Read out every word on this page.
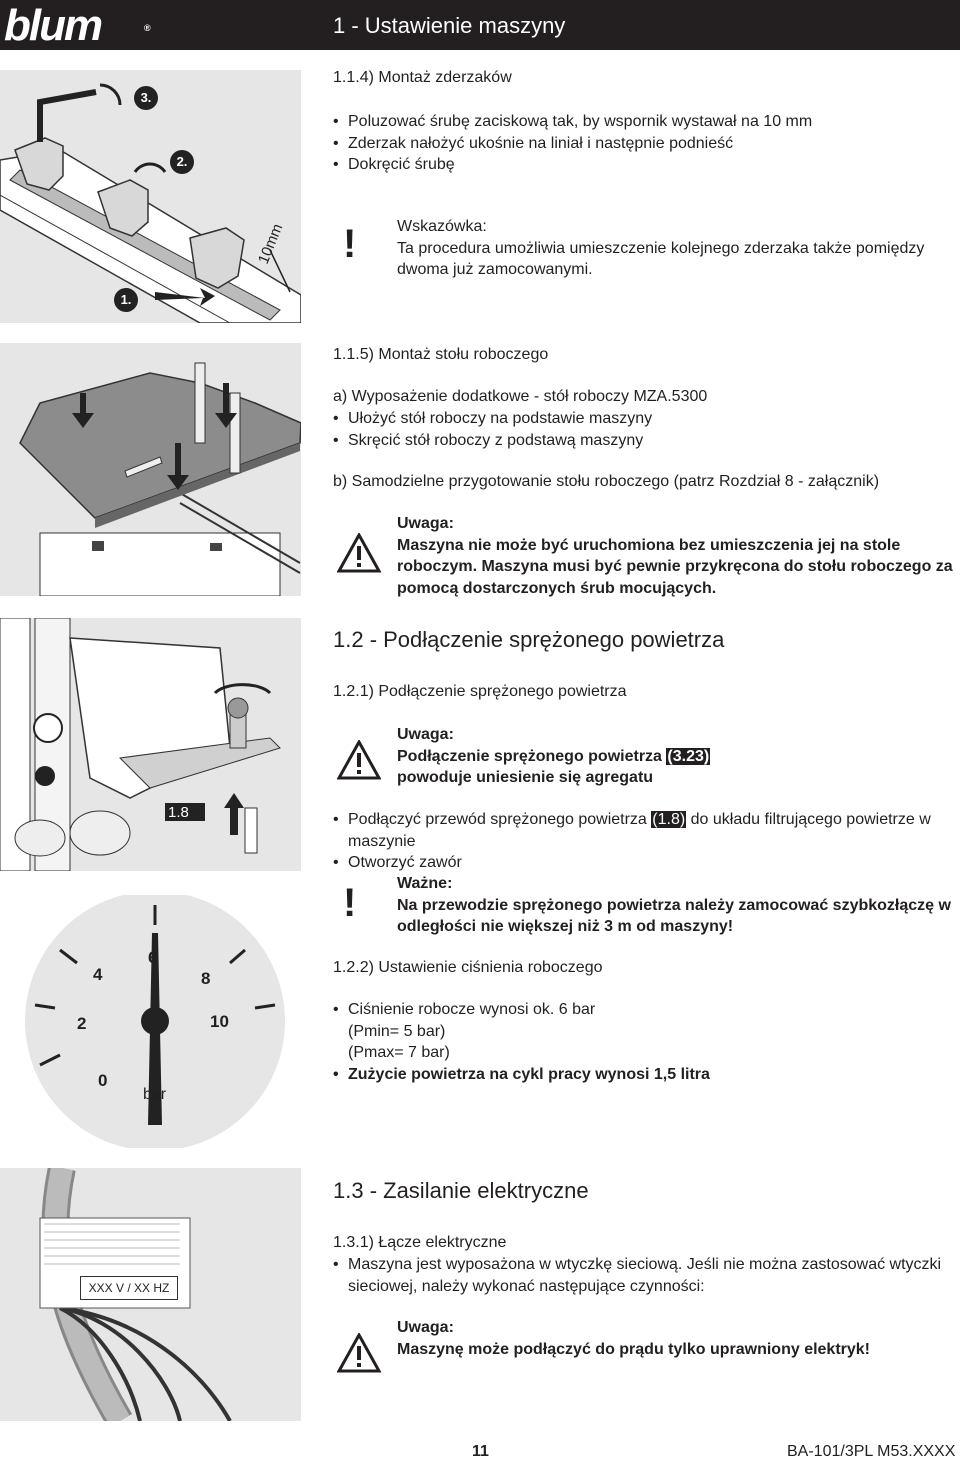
blum	®	1 - Ustawienie maszyny
3.
2.
1.
10mm
1.8
0
2
4
6
8
10
bar
XXX V / XX HZ
1.1.4) Montaż zderzaków
• Poluzować śrubę zaciskową tak, by wspornik wystawał na 10 mm
• Zderzak nałożyć ukośnie na liniał i następnie podnieść
• Dokręcić śrubę
!	Wskazówka:
Ta procedura umożliwia umieszczenie kolejnego zderzaka także pomiędzy dwoma już zamocowanymi.
1.1.5) Montaż stołu roboczego
a) Wyposażenie dodatkowe - stół roboczy MZA.5300
• Ułożyć stół roboczy na podstawie maszyny
• Skręcić stół roboczy z podstawą maszyny
b) Samodzielne przygotowanie stołu roboczego (patrz Rozdział 8 - załącznik)
Uwaga:
Maszyna nie może być uruchomiona bez umieszczenia jej na stole roboczym. Maszyna musi być pewnie przykręcona do stołu roboczego za pomocą dostarczonych śrub mocujących.
1.2 - Podłączenie sprężonego powietrza
1.2.1) Podłączenie sprężonego powietrza
Uwaga:
Podłączenie sprężonego powietrza (3.23)
powoduje uniesienie się agregatu
• Podłączyć przewód sprężonego powietrza (1.8) do układu filtrującego powietrze w maszynie
• Otworzyć zawór
!	Ważne:
Na przewodzie sprężonego powietrza należy zamocować szybkozłączę w odległości nie większej niż 3 m od maszyny!
1.2.2) Ustawienie ciśnienia roboczego
• Ciśnienie robocze wynosi ok. 6 bar
(Pmin= 5 bar)
(Pmax= 7 bar)
• Zużycie powietrza na cykl pracy wynosi 1,5 litra
1.3 - Zasilanie elektryczne
1.3.1) Łącze elektryczne
• Maszyna jest wyposażona w wtyczkę sieciową. Jeśli nie można zastosować wtyczki sieciowej, należy wykonać następujące czynności:
Uwaga:
Maszynę może podłączyć do prądu tylko uprawniony elektryk!
11	BA-101/3PL M53.XXXX
